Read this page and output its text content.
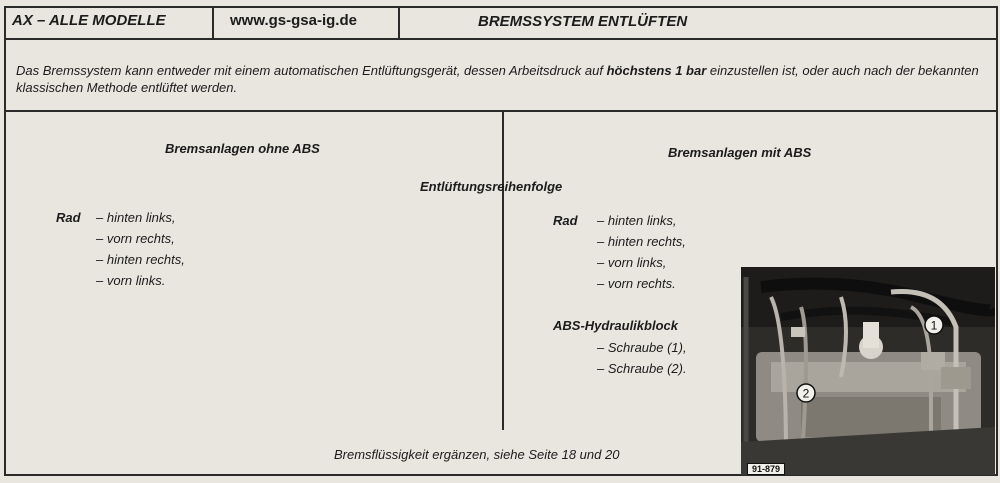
AX – ALLE MODELLE	www.gs-gsa-ig.de	BREMSSYSTEM ENTLÜFTEN
Das Bremssystem kann entweder mit einem automatischen Entlüftungsgerät, dessen Arbeitsdruck auf höchstens 1 bar einzustellen ist, oder auch nach der bekannten klassischen Methode entlüftet werden.
Bremsanlagen ohne ABS
Rad – hinten links,
– vorn rechts,
– hinten rechts,
– vorn links.
Entlüftungsreihenfolge
Bremsanlagen mit ABS
Rad – hinten links,
– hinten rechts,
– vorn links,
– vorn rechts.
ABS-Hydraulikblock
– Schraube (1),
– Schraube (2).
Bremsflüssigkeit ergänzen, siehe Seite 18 und 20
1
2
91-879
